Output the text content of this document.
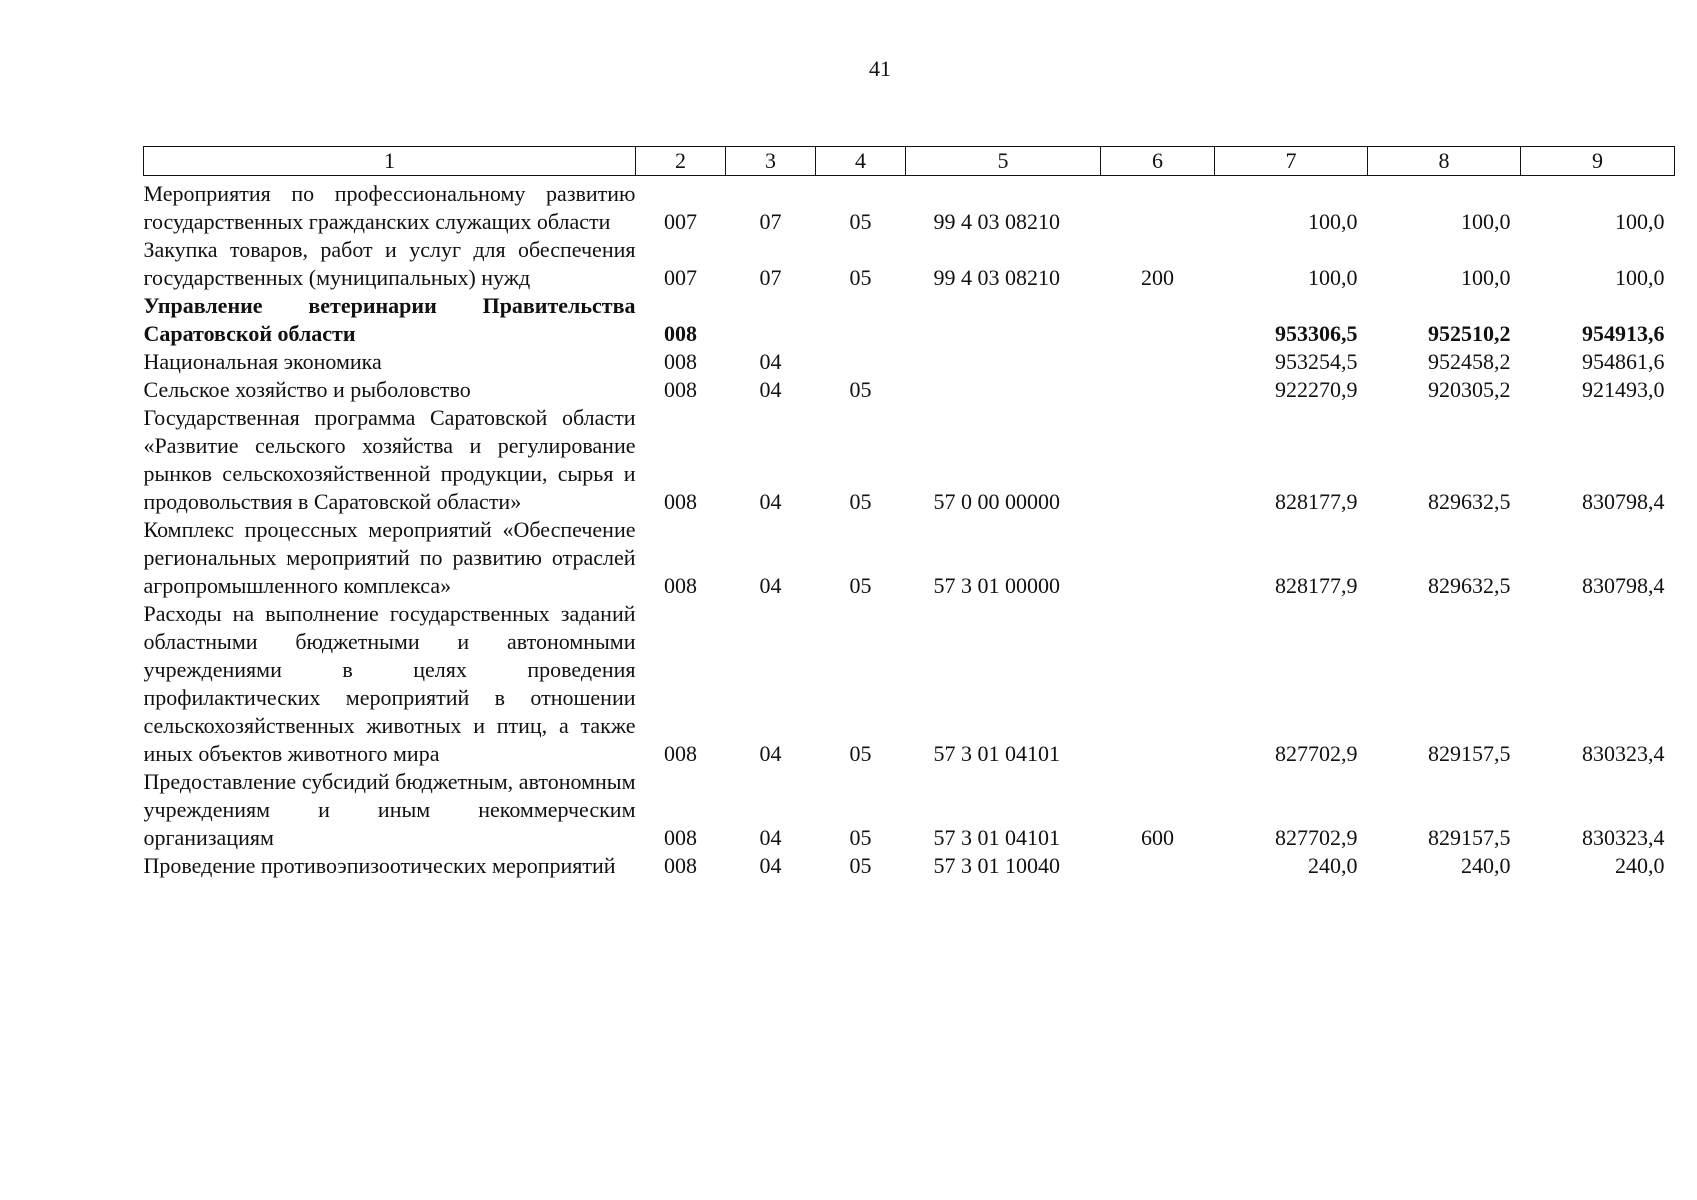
41
1	2	3	4	5	6	7	8	9
Мероприятия по профессиональному развитию государственных гражданских служащих области	007	07	05	99 4 03 08210		100,0	100,0	100,0
Закупка товаров, работ и услуг для обеспечения государственных (муниципальных) нужд	007	07	05	99 4 03 08210	200	100,0	100,0	100,0
Управление ветеринарии Правительства Саратовской области	008					953306,5	952510,2	954913,6
Национальная экономика	008	04				953254,5	952458,2	954861,6
Сельское хозяйство и рыболовство	008	04	05			922270,9	920305,2	921493,0
Государственная программа Саратовской области «Развитие сельского хозяйства и регулирование рынков сельскохозяйственной продукции, сырья и продовольствия в Саратовской области»	008	04	05	57 0 00 00000		828177,9	829632,5	830798,4
Комплекс процессных мероприятий «Обеспечение региональных мероприятий по развитию отраслей агропромышленного комплекса»	008	04	05	57 3 01 00000		828177,9	829632,5	830798,4
Расходы на выполнение государственных заданий областными бюджетными и автономными учреждениями в целях проведения профилактических мероприятий в отношении сельскохозяйственных животных и птиц, а также иных объектов животного мира	008	04	05	57 3 01 04101		827702,9	829157,5	830323,4
Предоставление субсидий бюджетным, автономным учреждениям и иным некоммерческим организациям	008	04	05	57 3 01 04101	600	827702,9	829157,5	830323,4
Проведение противоэпизоотических мероприятий	008	04	05	57 3 01 10040		240,0	240,0	240,0
